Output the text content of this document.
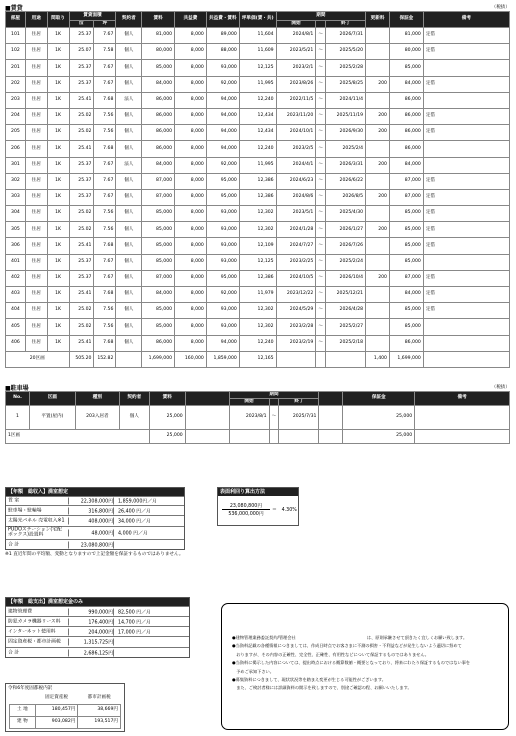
■賃貸	（税抜）
部屋	用途	間取り	賃貸面積		契約者	賃料	共益費	共益費・賃料	坪単価(賃・共)	期間			更新料	保証金	備考
			㎡	坪						開始		終了			
101	住居	1K	25.37	7.67	個人	81,000	8,000	89,000	11,604	2024/8/1	～	2026/7/31		81,000	定借
102	住居	1K	25.07	7.58	個人	80,000	8,000	88,000	11,609	2023/5/21	～	2025/5/20		80,000	定借
201	住居	1K	25.37	7.67	個人	85,000	8,000	93,000	12,125	2023/2/1	～	2025/2/28		85,000	
202	住居	1K	25.37	7.67	個人	84,000	8,000	92,000	11,995	2023/8/26	～	2025/8/25	200	84,000	定借
203	住居	1K	25.41	7.68	法人	86,000	8,000	94,000	12,240	2022/11/5	～	2024/11/4		86,000	
204	住居	1K	25.02	7.56	個人	86,000	8,000	94,000	12,434	2023/11/20	～	2025/11/19	200	86,000	定借
205	住居	1K	25.02	7.56	個人	86,000	8,000	94,000	12,434	2024/10/1	～	2026/9/30	200	86,000	定借
206	住居	1K	25.41	7.68	個人	86,000	8,000	94,000	12,240	2023/2/5	～	2025/2/4		86,000	
301	住居	1K	25.37	7.67	法人	84,000	8,000	92,000	11,995	2024/4/1	～	2026/3/31	200	84,000	
302	住居	1K	25.37	7.67	個人	87,000	8,000	95,000	12,386	2024/6/23	～	2026/6/22		87,000	定借
303	住居	1K	25.37	7.67	個人	87,000	8,000	95,000	12,386	2024/8/6	～	2026/8/5	200	87,000	定借
304	住居	1K	25.02	7.56	個人	85,000	8,000	93,000	12,302	2023/5/1	～	2025/4/30		85,000	定借
305	住居	1K	25.02	7.56	個人	85,000	8,000	93,000	12,302	2024/1/28	～	2026/1/27	200	85,000	定借
306	住居	1K	25.41	7.68	個人	85,000	8,000	93,000	12,109	2024/7/27	～	2026/7/26		85,000	定借
401	住居	1K	25.37	7.67	個人	85,000	8,000	93,000	12,125	2023/2/25	～	2025/2/24		85,000	
402	住居	1K	25.37	7.67	個人	87,000	8,000	95,000	12,386	2024/10/5	～	2026/10/4	200	87,000	定借
403	住居	1K	25.41	7.68	個人	84,000	8,000	92,000	11,979	2023/12/22	～	2025/12/21		84,000	定借
404	住居	1K	25.02	7.56	個人	85,000	8,000	93,000	12,302	2024/5/29	～	2026/4/28		85,000	定借
405	住居	1K	25.02	7.56	個人	85,000	8,000	93,000	12,302	2023/2/28	～	2025/2/27		85,000	
406	住居	1K	25.41	7.68	個人	86,000	8,000	94,000	12,240	2023/2/19	～	2025/2/18		86,000	
20区画			505.20	152.82		1,699,000	160,000	1,859,000	12,165				1,400	1,699,000	
■駐車場	（税抜）
No.	区画	種別	契約者	賃料		期間				保証金	備考
						開始		終了			
1	平置(屋内)	203入居者	個人	25,000		2023/8/1	～	2025/7/31		25,000	
1区画				25,000						25,000	
【年額　総収入】満室想定
賃 室	22,308,000円 1,859,000円／月
駐車場・駐輪場	316,800円 26,400 円／月
太陽光パネル 売電収入※1	408,000円 34,000 円／月
PUDOステーション(宅配ボックス)設置料	48,000円 4,000 円／月
合 計	23,080,800円
※1 直近年間の平均額、変動となりますので上記金額を保証するものではありません。
表面利回り算出方法
23,080,800円
536,000,000円
＝　4.30%
【年額　総支出】満室想定金のみ
建物管理費	990,000円 82,500 円／月
防犯カメラ機器リース料	176,400円 14,700 円／月
インターネット使用料	204,000円 17,000 円／月
固定資産税・都市計画税	1,315,725円
合 計	2,686,125円
令和6年度固都税内訳
	固定資産税	都市計画税
土 地	180,457円	38,669円
建 物	903,082円	193,517円
●建物管理業務委託契約/管理会社　　　　　　　　　　　　　　　　　は、原則承継させて頂きたく宜しくお願い致します。
●当資料記載の各種情報につきましては、作成日時点でお客さまに不測の損害・不利益などが発生しないよう適切に努めて
　おりますが、その内容の正確性、完全性、正確性、有用性などについて保証するものではありません。
●当資料に掲示した内容については、提出時点における概算数値・概要となっており、将来にわたり保証するものではない事を
　予めご承知下さい。
●募集資料につきまして、現状状況等を踏まえ変更が生じる可能性がございます。
　また、ご検討者様には詳細資料の開示を致しますので、別途ご確認の程、お願いいたします。
